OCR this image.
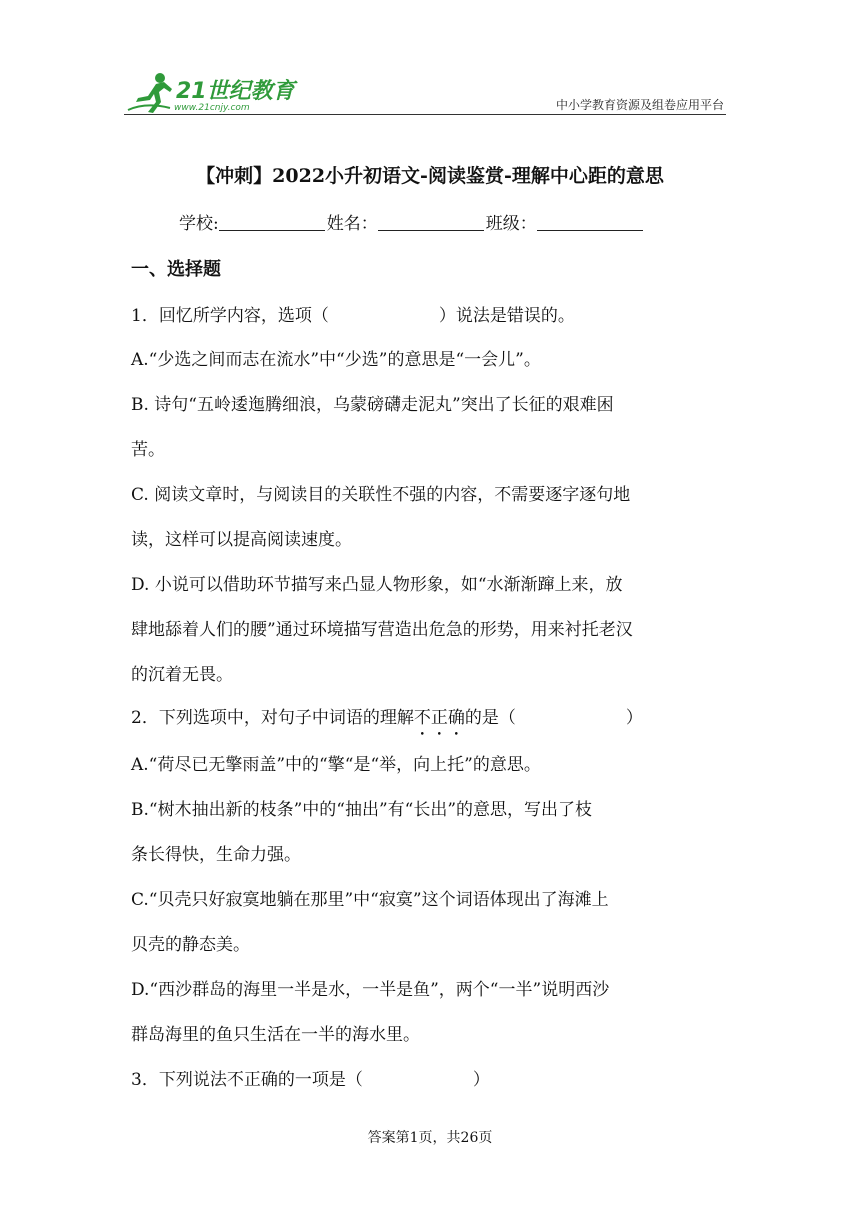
21世纪教育
www.21cnjy.com	中小学教育资源及组卷应用平台
【冲刺】2022小升初语文-阅读鉴赏-理解中心距的意思
学校:	姓名：	班级：
一、选择题
1．回忆所学内容，选项（	）说法是错误的。
A.“少选之间而志在流水”中“少选”的意思是“一会儿”。
B. 诗句“五岭逶迤腾细浪，乌蒙磅礴走泥丸”突出了长征的艰难困
苦。
C. 阅读文章时，与阅读目的关联性不强的内容，不需要逐字逐句地
读，这样可以提高阅读速度。
D. 小说可以借助环节描写来凸显人物形象，如“水渐渐蹿上来，放
肆地舔着人们的腰”通过环境描写营造出危急的形势，用来衬托老汉
的沉着无畏。
2．下列选项中，对句子中词语的理解不正确的是（	）
A.“荷尽已无擎雨盖”中的“擎“是“举，向上托”的意思。
B.“树木抽出新的枝条”中的“抽出”有“长出”的意思，写出了枝
条长得快，生命力强。
C.“贝壳只好寂寞地躺在那里”中“寂寞”这个词语体现出了海滩上
贝壳的静态美。
D.“西沙群岛的海里一半是水，一半是鱼”，两个“一半”说明西沙
群岛海里的鱼只生活在一半的海水里。
3．下列说法不正确的一项是（	）
答案第1页，共26页
